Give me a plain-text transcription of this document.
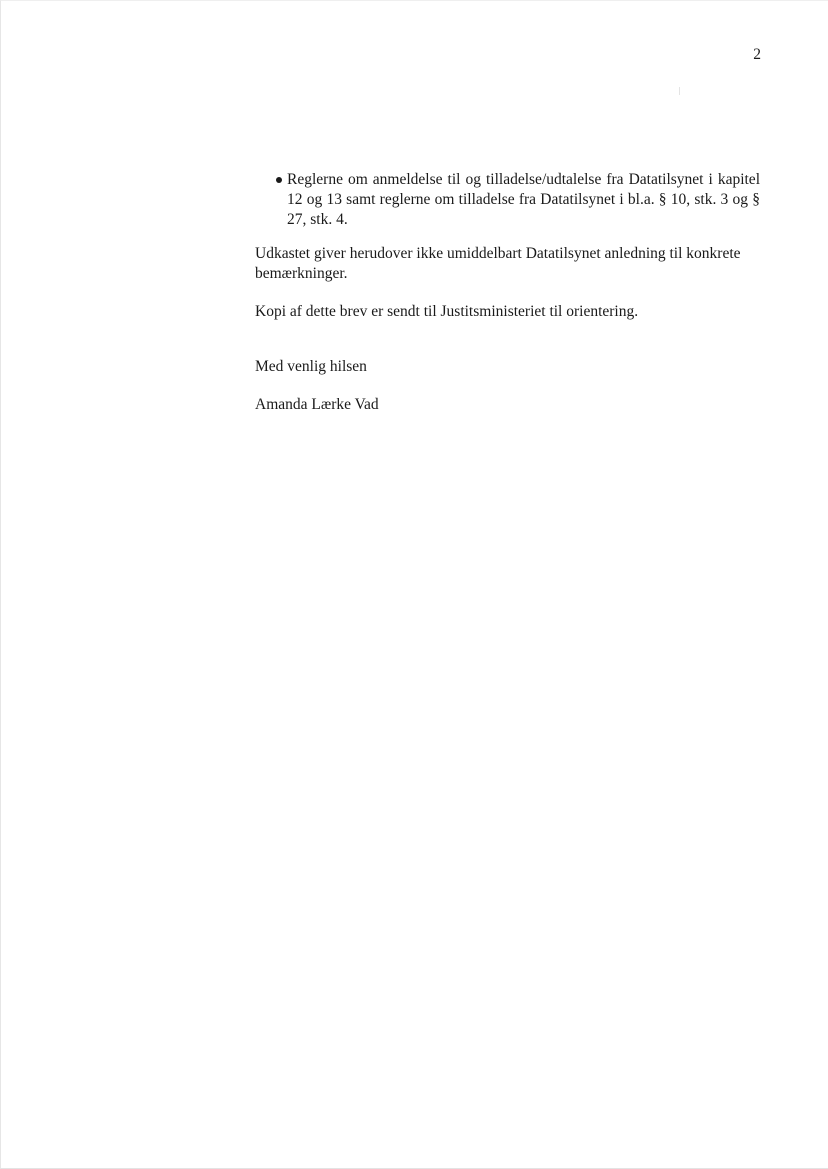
2
Reglerne om anmeldelse til og tilladelse/udtalelse fra Datatilsynet i kapitel 12 og 13 samt reglerne om tilladelse fra Datatilsynet i bl.a. § 10, stk. 3 og § 27, stk. 4.

Udkastet giver herudover ikke umiddelbart Datatilsynet anledning til konkrete bemærkninger.

Kopi af dette brev er sendt til Justitsministeriet til orientering.

Med venlig hilsen

Amanda Lærke Vad
